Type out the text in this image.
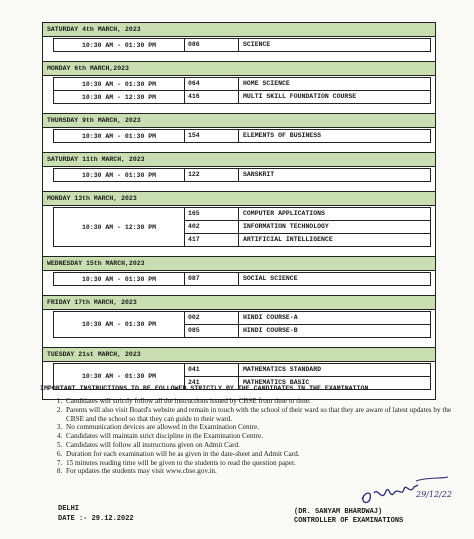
SATURDAY 4th MARCH, 2023
10:30 AM - 01:30 PM	086	SCIENCE
MONDAY 6th MARCH,2023
10:30 AM - 01:30 PM	064	HOME SCIENCE
10:30 AM - 12:30 PM	416	MULTI SKILL FOUNDATION COURSE
THURSDAY 9th MARCH, 2023
10:30 AM - 01:30 PM	154	ELEMENTS OF BUSINESS
SATURDAY 11th MARCH, 2023
10:30 AM - 01:30 PM	122	SANSKRIT
MONDAY 13th MARCH, 2023
10:30 AM - 12:30 PM
165	COMPUTER APPLICATIONS
402	INFORMATION TECHNOLOGY
417	ARTIFICIAL INTELLIGENCE
WEDNESDAY 15th MARCH,2023
10:30 AM - 01:30 PM	087	SOCIAL SCIENCE
FRIDAY 17th MARCH, 2023
10:30 AM - 01:30 PM
002	HINDI COURSE-A
085	HINDI COURSE-B
TUESDAY 21st MARCH, 2023
10:30 AM - 01:30 PM
041	MATHEMATICS STANDARD
241	MATHEMATICS BASIC

IMPORTANT INSTRUCTIONS TO BE FOLLOWED STRICTLY BY THE CANDIDATES IN THE EXAMINATION

1. Candidates will strictly follow all the instructions issued by CBSE from time to time.
2. Parents will also visit Board's website and remain in touch with the school of their ward so that they are aware of latest updates by the CBSE and the school so that they can guide to their ward.
3. No communication devices are allowed in the Examination Centre.
4. Candidates will maintain strict discipline in the Examination Centre.
5. Candidates will follow all instructions given on Admit Card.
6. Duration for each examination will be as given in the date-sheet and Admit Card.
7. 15 minutes reading time will be given to the students to read the question paper.
8. For updates the students may visit www.cbse.gov.in.
29/12/22
DELHI
DATE :- 29.12.2022
(DR. SANYAM BHARDWAJ)
CONTROLLER OF EXAMINATIONS
